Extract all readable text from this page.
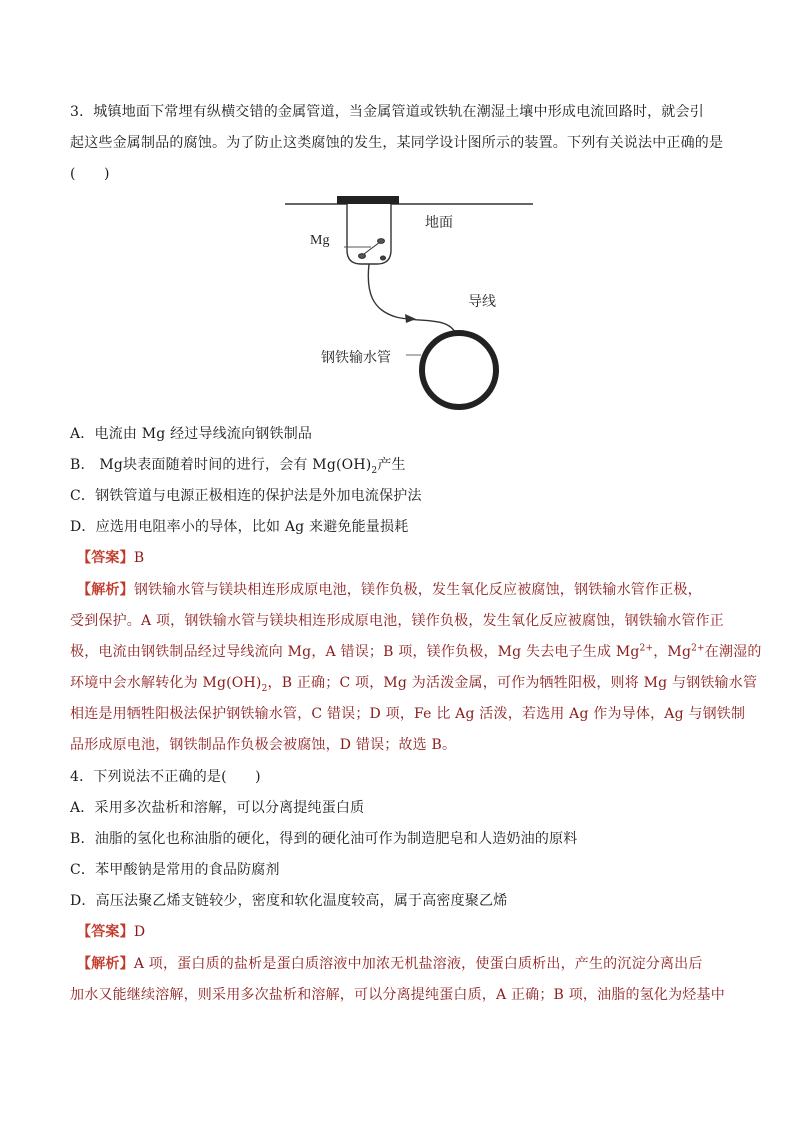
3．城镇地面下常埋有纵横交错的金属管道，当金属管道或铁轨在潮湿土壤中形成电流回路时，就会引
地面
Mg
导线
钢铁输水管
A．电流由 Mg 经过导线流向钢铁制品
B． Mg块表面随着时间的进行，会有 $Mg(OH)_2$产生
C．钢铁管道与电源正极相连的保护法是外加电流保护法
D．应选用电阻率小的导体，比如 Ag 来避免能量损耗
【答案】B
【解析】钢铁输水管与镁块相连形成原电池，镁作负极，发生氧化反应被腐蚀，钢铁输水管作正极，
受到保护。A 项，钢铁输水管与镁块相连形成原电池，镁作负极，发生氧化反应被腐蚀，钢铁输水管作正
极，电流由钢铁制品经过导线流向 Mg，A 错误；B 项，镁作负极，Mg 失去电子生成 $Mg^{2+}$，$Mg^{2+}$在潮湿的
环境中会水解转化为 $Mg(OH)_2$，B 正确；C 项，Mg 为活泼金属，可作为牺牲阳极，则将 Mg 与钢铁输水管
相连是用牺牲阳极法保护钢铁输水管，C 错误；D 项，Fe 比 Ag 活泼，若选用 Ag 作为导体，Ag 与钢铁制
品形成原电池，钢铁制品作负极会被腐蚀，D 错误；故选 B。
4．下列说法不正确的是(　　)
A．采用多次盐析和溶解，可以分离提纯蛋白质
B．油脂的氢化也称油脂的硬化，得到的硬化油可作为制造肥皂和人造奶油的原料
C．苯甲酸钠是常用的食品防腐剂
D．高压法聚乙烯支链较少，密度和软化温度较高，属于高密度聚乙烯
【答案】D
【解析】A 项，蛋白质的盐析是蛋白质溶液中加浓无机盐溶液，使蛋白质析出，产生的沉淀分离出后
加水又能继续溶解，则采用多次盐析和溶解，可以分离提纯蛋白质，A 正确；B 项，油脂的氢化为烃基中
起这些金属制品的腐蚀。为了防止这类腐蚀的发生，某同学设计图所示的装置。下列有关说法中正确的是
(　　)
